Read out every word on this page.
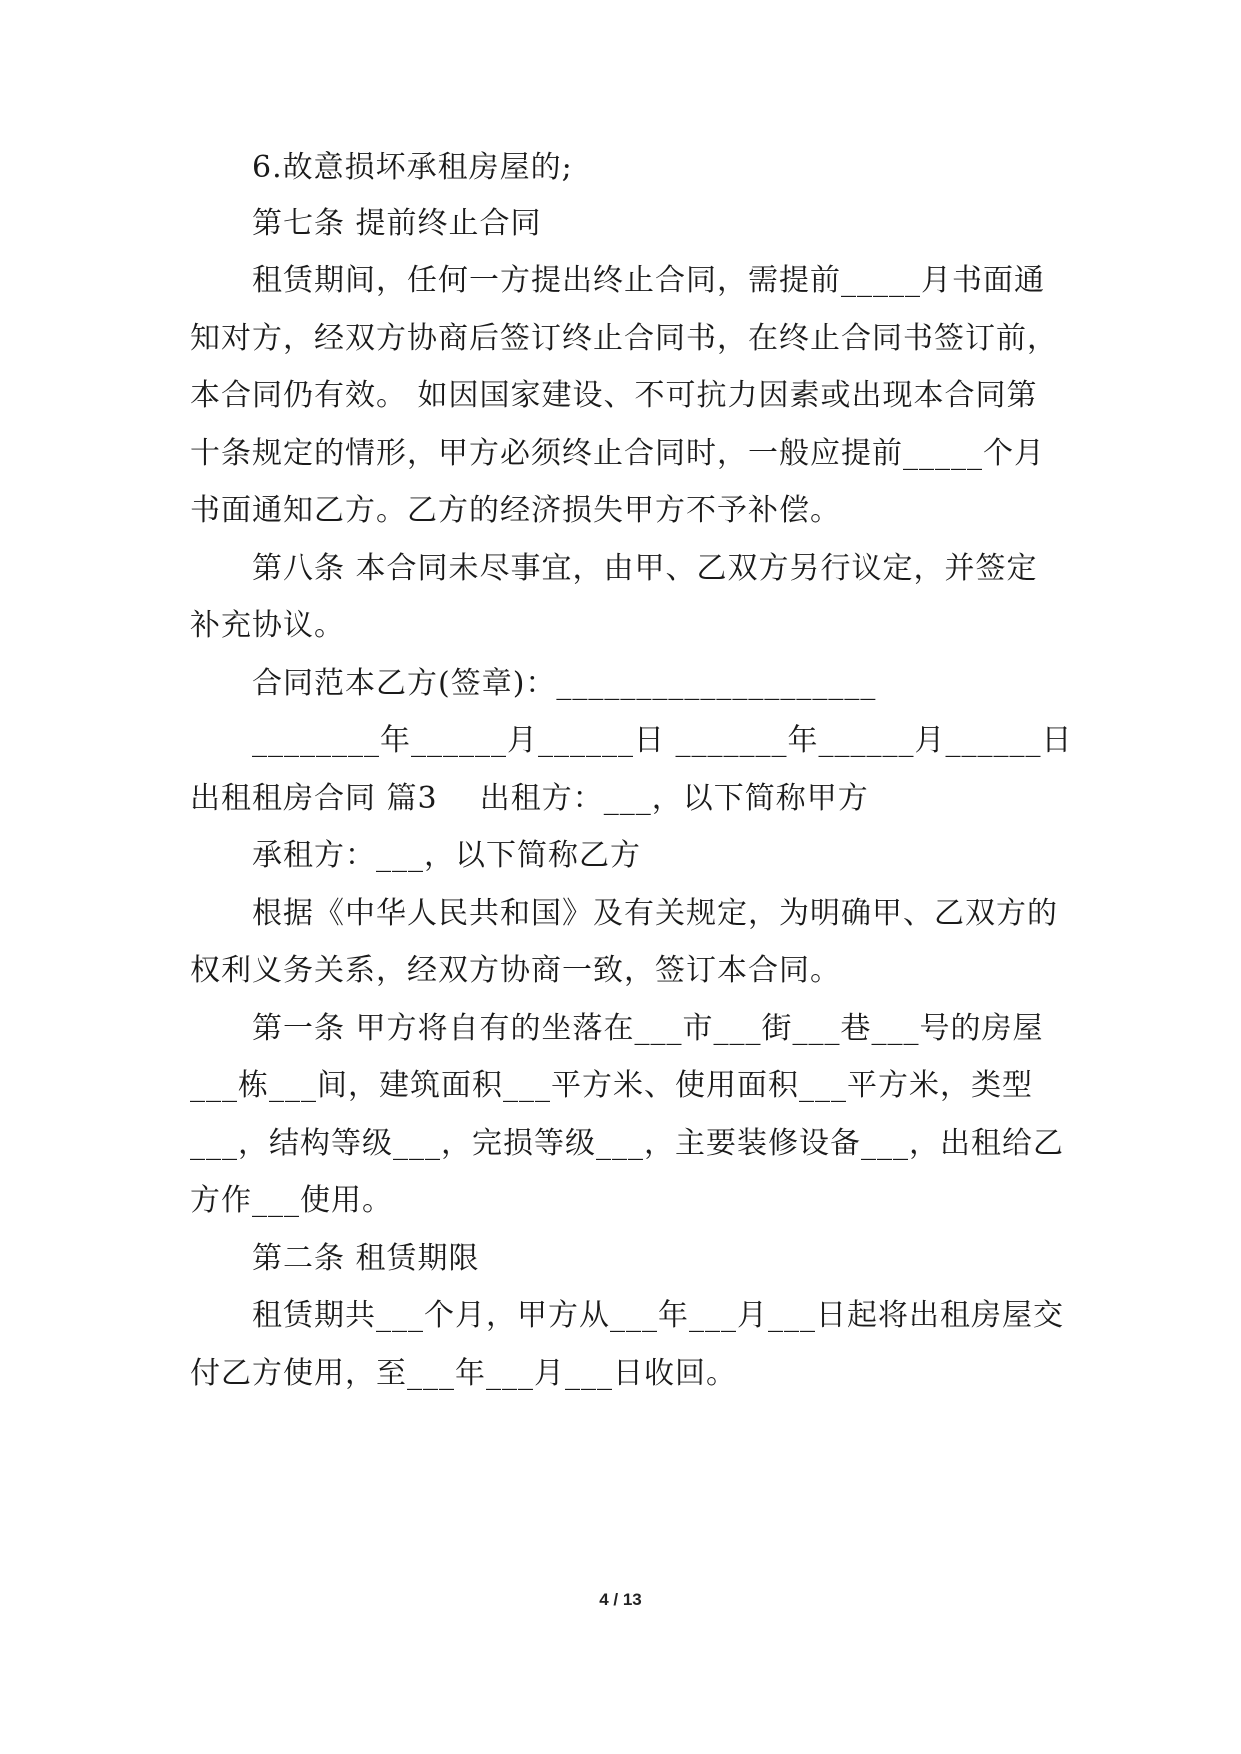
6.故意损坏承租房屋的;
第七条 提前终止合同
租赁期间，任何一方提出终止合同，需提前_____月书面通
知对方，经双方协商后签订终止合同书，在终止合同书签订前，
本合同仍有效。 如因国家建设、不可抗力因素或出现本合同第
十条规定的情形，甲方必须终止合同时，一般应提前_____个月
书面通知乙方。乙方的经济损失甲方不予补偿。
第八条 本合同未尽事宜，由甲、乙双方另行议定，并签定
补充协议。
合同范本乙方(签章)：____________________
________年______月______日 _______年______月______日
出租租房合同 篇3    出租方：___，以下简称甲方
承租方：___，以下简称乙方
根据《中华人民共和国》及有关规定，为明确甲、乙双方的
权利义务关系，经双方协商一致，签订本合同。
第一条 甲方将自有的坐落在___市___街___巷___号的房屋
___栋___间，建筑面积___平方米、使用面积___平方米，类型
___，结构等级___，完损等级___，主要装修设备___，出租给乙
方作___使用。
第二条 租赁期限
租赁期共___个月，甲方从___年___月___日起将出租房屋交
付乙方使用，至___年___月___日收回。
4 / 13
